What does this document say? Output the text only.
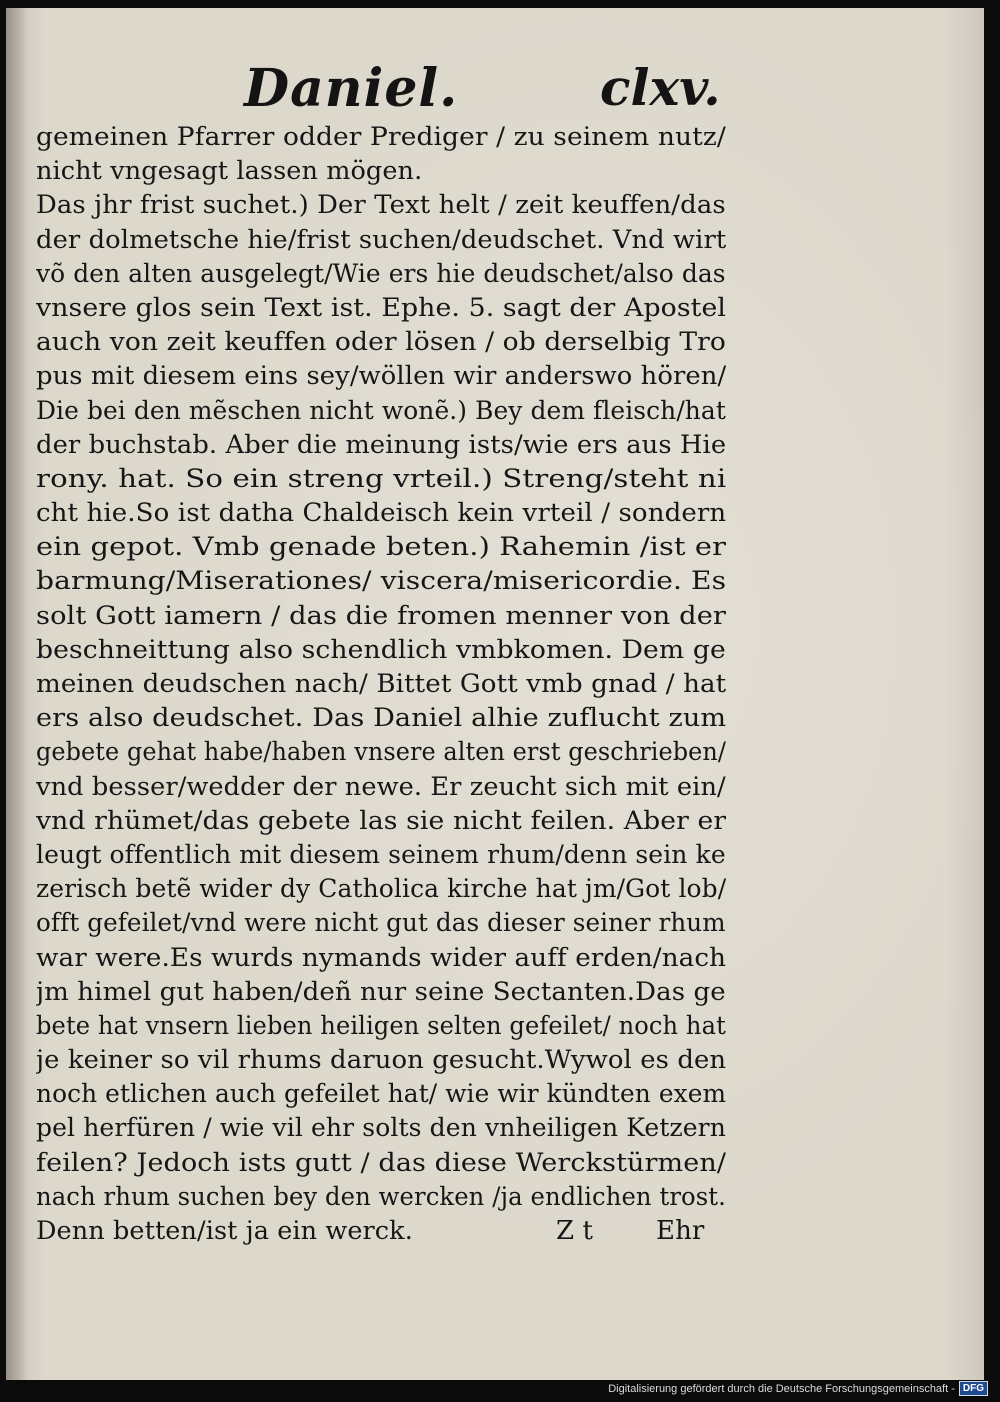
Daniel.	clxv.
gemeinen Pfarrer odder Prediger / zu seinem nutz/
nicht vngesagt lassen mögen.
Das jhr frist suchet.) Der Text helt / zeit keuffen/das
der dolmetsche hie/frist suchen/deudschet. Vnd wirt
võ den alten ausgelegt/Wie ers hie deudschet/also das
vnsere glos sein Text ist. Ephe. 5. sagt der Apostel
auch von zeit keuffen oder lösen / ob derselbig Tro
pus mit diesem eins sey/wöllen wir anderswo hören/
Die bei den mẽschen nicht wonẽ.) Bey dem fleisch/hat
der buchstab. Aber die meinung ists/wie ers aus Hie
rony. hat. So ein streng vrteil.) Streng/steht ni
cht hie.So ist datha Chaldeisch kein vrteil / sondern
ein gepot. Vmb genade beten.) Rahemin /ist er
barmung/Miserationes/ viscera/misericordie. Es
solt Gott iamern / das die fromen menner von der
beschneittung also schendlich vmbkomen. Dem ge
meinen deudschen nach/ Bittet Gott vmb gnad / hat
ers also deudschet. Das Daniel alhie zuflucht zum
gebete gehat habe/haben vnsere alten erst geschrieben/
vnd besser/wedder der newe. Er zeucht sich mit ein/
vnd rhümet/das gebete las sie nicht feilen. Aber er
leugt offentlich mit diesem seinem rhum/denn sein ke
zerisch betẽ wider dy Catholica kirche hat jm/Got lob/
offt gefeilet/vnd were nicht gut das dieser seiner rhum
war were.Es wurds nymands wider auff erden/nach
jm himel gut haben/deñ nur seine Sectanten.Das ge
bete hat vnsern lieben heiligen selten gefeilet/ noch hat
je keiner so vil rhums daruon gesucht.Wywol es den
noch etlichen auch gefeilet hat/ wie wir kündten exem
pel herfüren / wie vil ehr solts den vnheiligen Ketzern
feilen? Jedoch ists gutt / das diese Werckstürmen/
nach rhum suchen bey den wercken /ja endlichen trost.
Denn betten/ist ja ein werck.	Z t Ehr
Digitalisierung gefördert durch die Deutsche Forschungsgemeinschaft - DFG
